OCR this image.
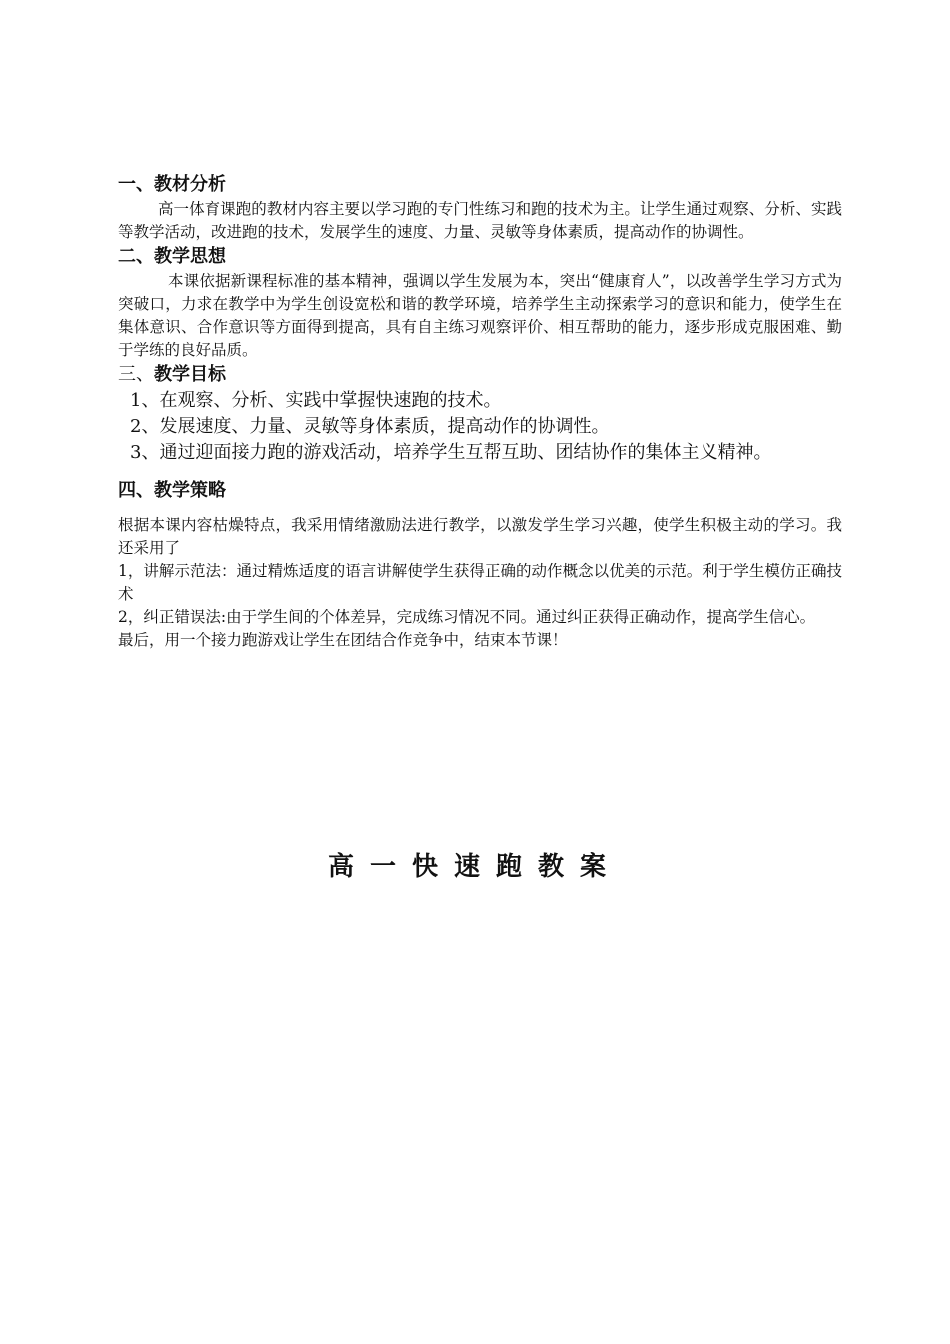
一、教材分析

高一体育课跑的教材内容主要以学习跑的专门性练习和跑的技术为主。让学生通过观察、分析、实践等教学活动，改进跑的技术，发展学生的速度、力量、灵敏等身体素质，提高动作的协调性。

二、教学思想

本课依据新课程标准的基本精神，强调以学生发展为本，突出“健康育人”，以改善学生学习方式为突破口，力求在教学中为学生创设宽松和谐的教学环境，培养学生主动探索学习的意识和能力，使学生在集体意识、合作意识等方面得到提高，具有自主练习观察评价、相互帮助的能力，逐步形成克服困难、勤于学练的良好品质。

三、教学目标

1、在观察、分析、实践中掌握快速跑的技术。

2、发展速度、力量、灵敏等身体素质，提高动作的协调性。

3、通过迎面接力跑的游戏活动，培养学生互帮互助、团结协作的集体主义精神。

四、教学策略

根据本课内容枯燥特点，我采用情绪激励法进行教学，以激发学生学习兴趣，使学生积极主动的学习。我还采用了

1，讲解示范法：通过精炼适度的语言讲解使学生获得正确的动作概念以优美的示范。利于学生模仿正确技术

2，纠正错误法:由于学生间的个体差异，完成练习情况不同。通过纠正获得正确动作，提高学生信心。

最后，用一个接力跑游戏让学生在团结合作竞争中，结束本节课！

高一快速跑教案
